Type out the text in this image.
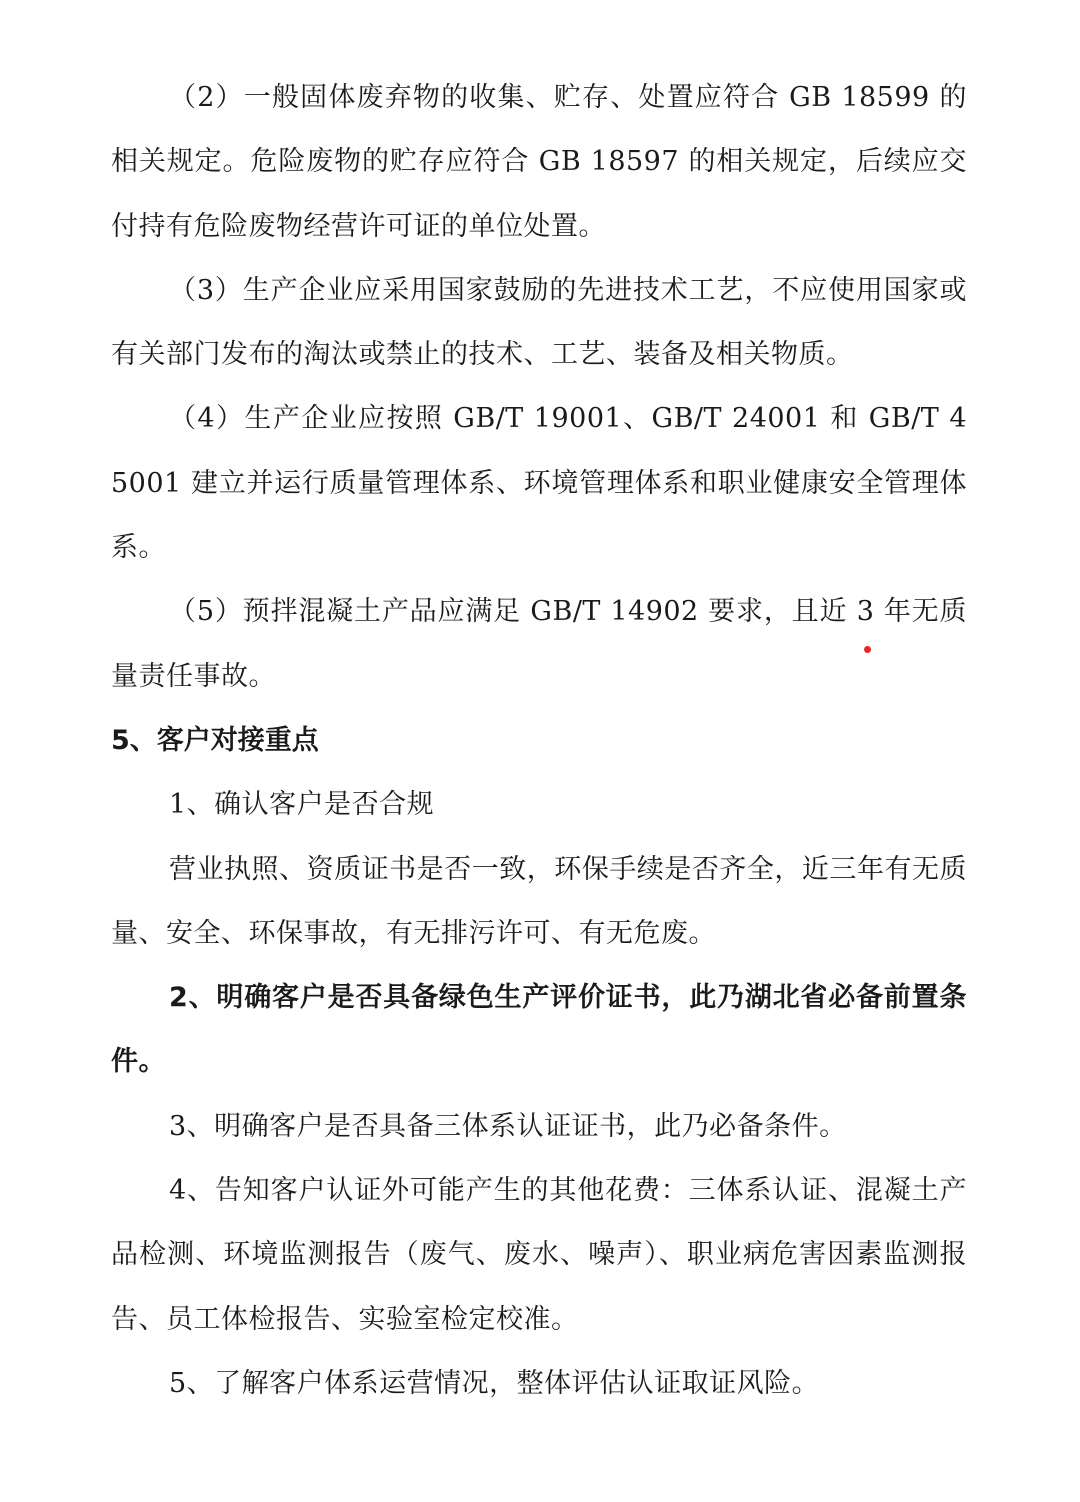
（2）一般固体废弃物的收集、贮存、处置应符合 GB 18599 的相关规定。危险废物的贮存应符合 GB 18597 的相关规定，后续应交付持有危险废物经营许可证的单位处置。

（3）生产企业应采用国家鼓励的先进技术工艺，不应使用国家或有关部门发布的淘汰或禁止的技术、工艺、装备及相关物质。

（4）生产企业应按照 GB/T 19001、GB/T 24001 和 GB/T 45001 建立并运行质量管理体系、环境管理体系和职业健康安全管理体系。

（5）预拌混凝土产品应满足 GB/T 14902 要求，且近 3 年无质量责任事故。

5、客户对接重点

1、确认客户是否合规

营业执照、资质证书是否一致，环保手续是否齐全，近三年有无质量、安全、环保事故，有无排污许可、有无危废。

2、明确客户是否具备绿色生产评价证书，此乃湖北省必备前置条件。

3、明确客户是否具备三体系认证证书，此乃必备条件。

4、告知客户认证外可能产生的其他花费：三体系认证、混凝土产品检测、环境监测报告（废气、废水、噪声）、职业病危害因素监测报告、员工体检报告、实验室检定校准。

5、了解客户体系运营情况，整体评估认证取证风险。
